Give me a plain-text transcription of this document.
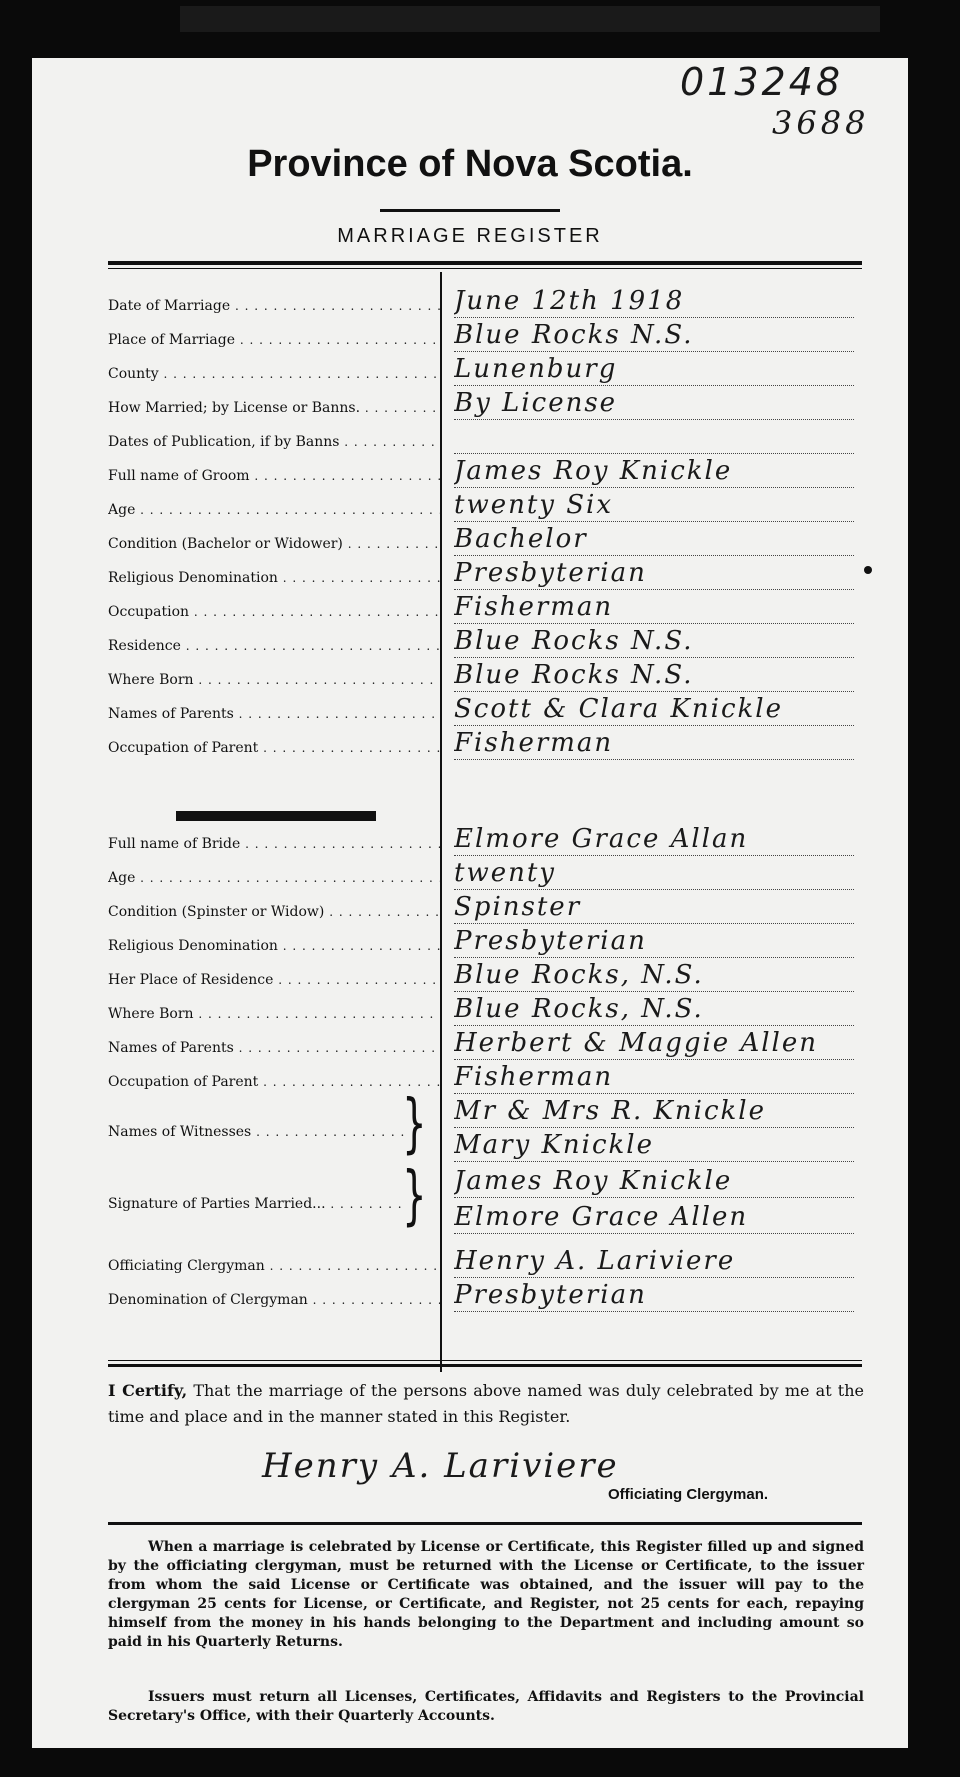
013248
3688
Province of Nova Scotia.
MARRIAGE REGISTER
Date of Marriage . . .	June 12th 1918
Place of Marriage . . .	Blue Rocks N.S.
County . . .	Lunenburg
How Married; by License or Banns. . . .	By License
Dates of Publication, if by Banns . . .
Full name of Groom . . .	James Roy Knickle
Age . . .	twenty Six
Condition (Bachelor or Widower) . . .	Bachelor
Religious Denomination . . .	Presbyterian
Occupation . . .	Fisherman
Residence . . .	Blue Rocks N.S.
Where Born . . .	Blue Rocks N.S.
Names of Parents . . .	Scott & Clara Knickle
Occupation of Parent . . .	Fisherman
Full name of Bride . . .	Elmore Grace Allan
Age . . .	twenty
Condition (Spinster or Widow) . . .	Spinster
Religious Denomination . . .	Presbyterian
Her Place of Residence . . .	Blue Rocks, N.S.
Where Born . . .	Blue Rocks, N.S.
Names of Parents . . .	Herbert & Maggie Allen
Occupation of Parent . . .	Fisherman
Names of Witnesses . . .	} Mr & Mrs R. Knickle
Mary Knickle
Signature of Parties Married... . . .	} James Roy Knickle
Elmore Grace Allen
Officiating Clergyman . . .	Henry A. Lariviere
Denomination of Clergyman . . .	Presbyterian
I Certify, That the marriage of the persons above named was duly celebrated by me at the time and place and in the manner stated in this Register.
Henry A. Lariviere
Officiating Clergyman.
When a marriage is celebrated by License or Certificate, this Register filled up and signed by the officiating clergyman, must be returned with the License or Certificate, to the issuer from whom the said License or Certificate was obtained, and the issuer will pay to the clergyman 25 cents for License, or Certificate, and Register, not 25 cents for each, repaying himself from the money in his hands belonging to the Department and including amount so paid in his Quarterly Returns.
Issuers must return all Licenses, Certificates, Affidavits and Registers to the Provincial Secretary's Office, with their Quarterly Accounts.
